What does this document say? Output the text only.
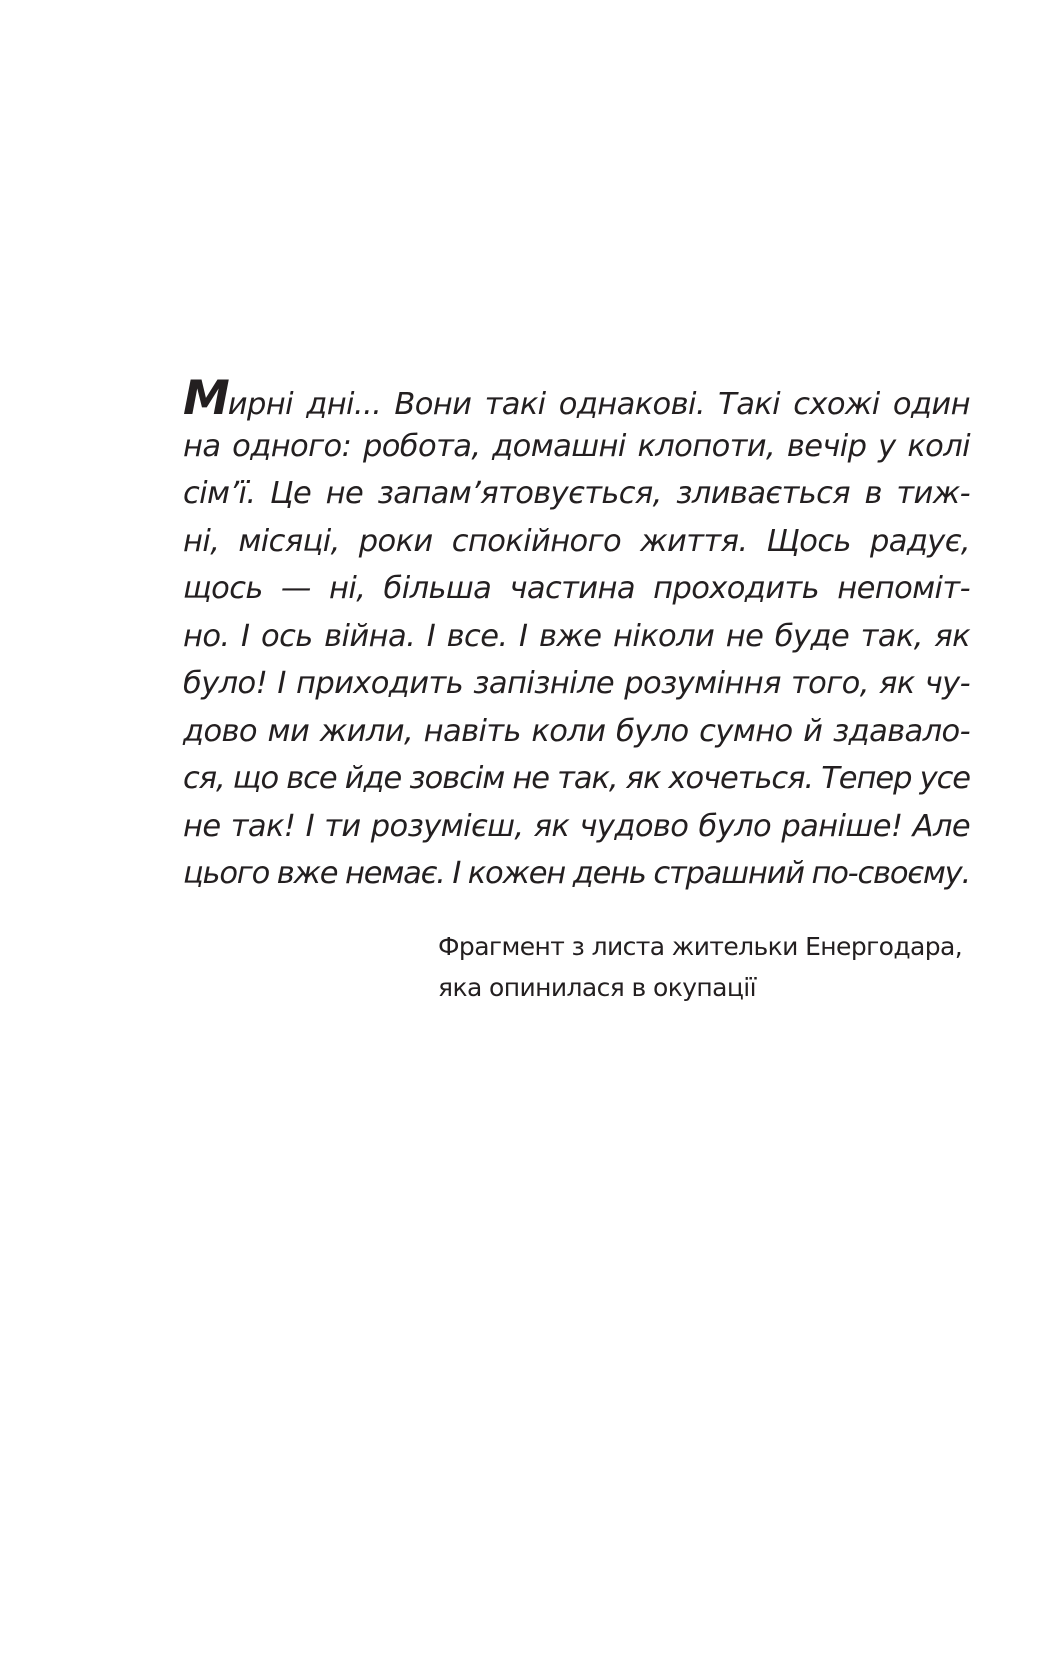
Мирні дні... Вони такі однакові. Такі схожі один
на одного: робота, домашні клопоти, вечір у колі
сім’ї. Це не запам’ятовується, зливається в тиж-
ні, місяці, роки спокійного життя. Щось радує,
щось — ні, більша частина проходить непоміт-
но. І ось війна. І все. І вже ніколи не буде так, як
було! І приходить запізніле розуміння того, як чу-
дово ми жили, навіть коли було сумно й здавало-
ся, що все йде зовсім не так, як хочеться. Тепер усе
не так! І ти розумієш, як чудово було раніше! Але
цього вже немає. І кожен день страшний по-своєму.
Фрагмент з листа жительки Енергодара,
яка опинилася в окупації
